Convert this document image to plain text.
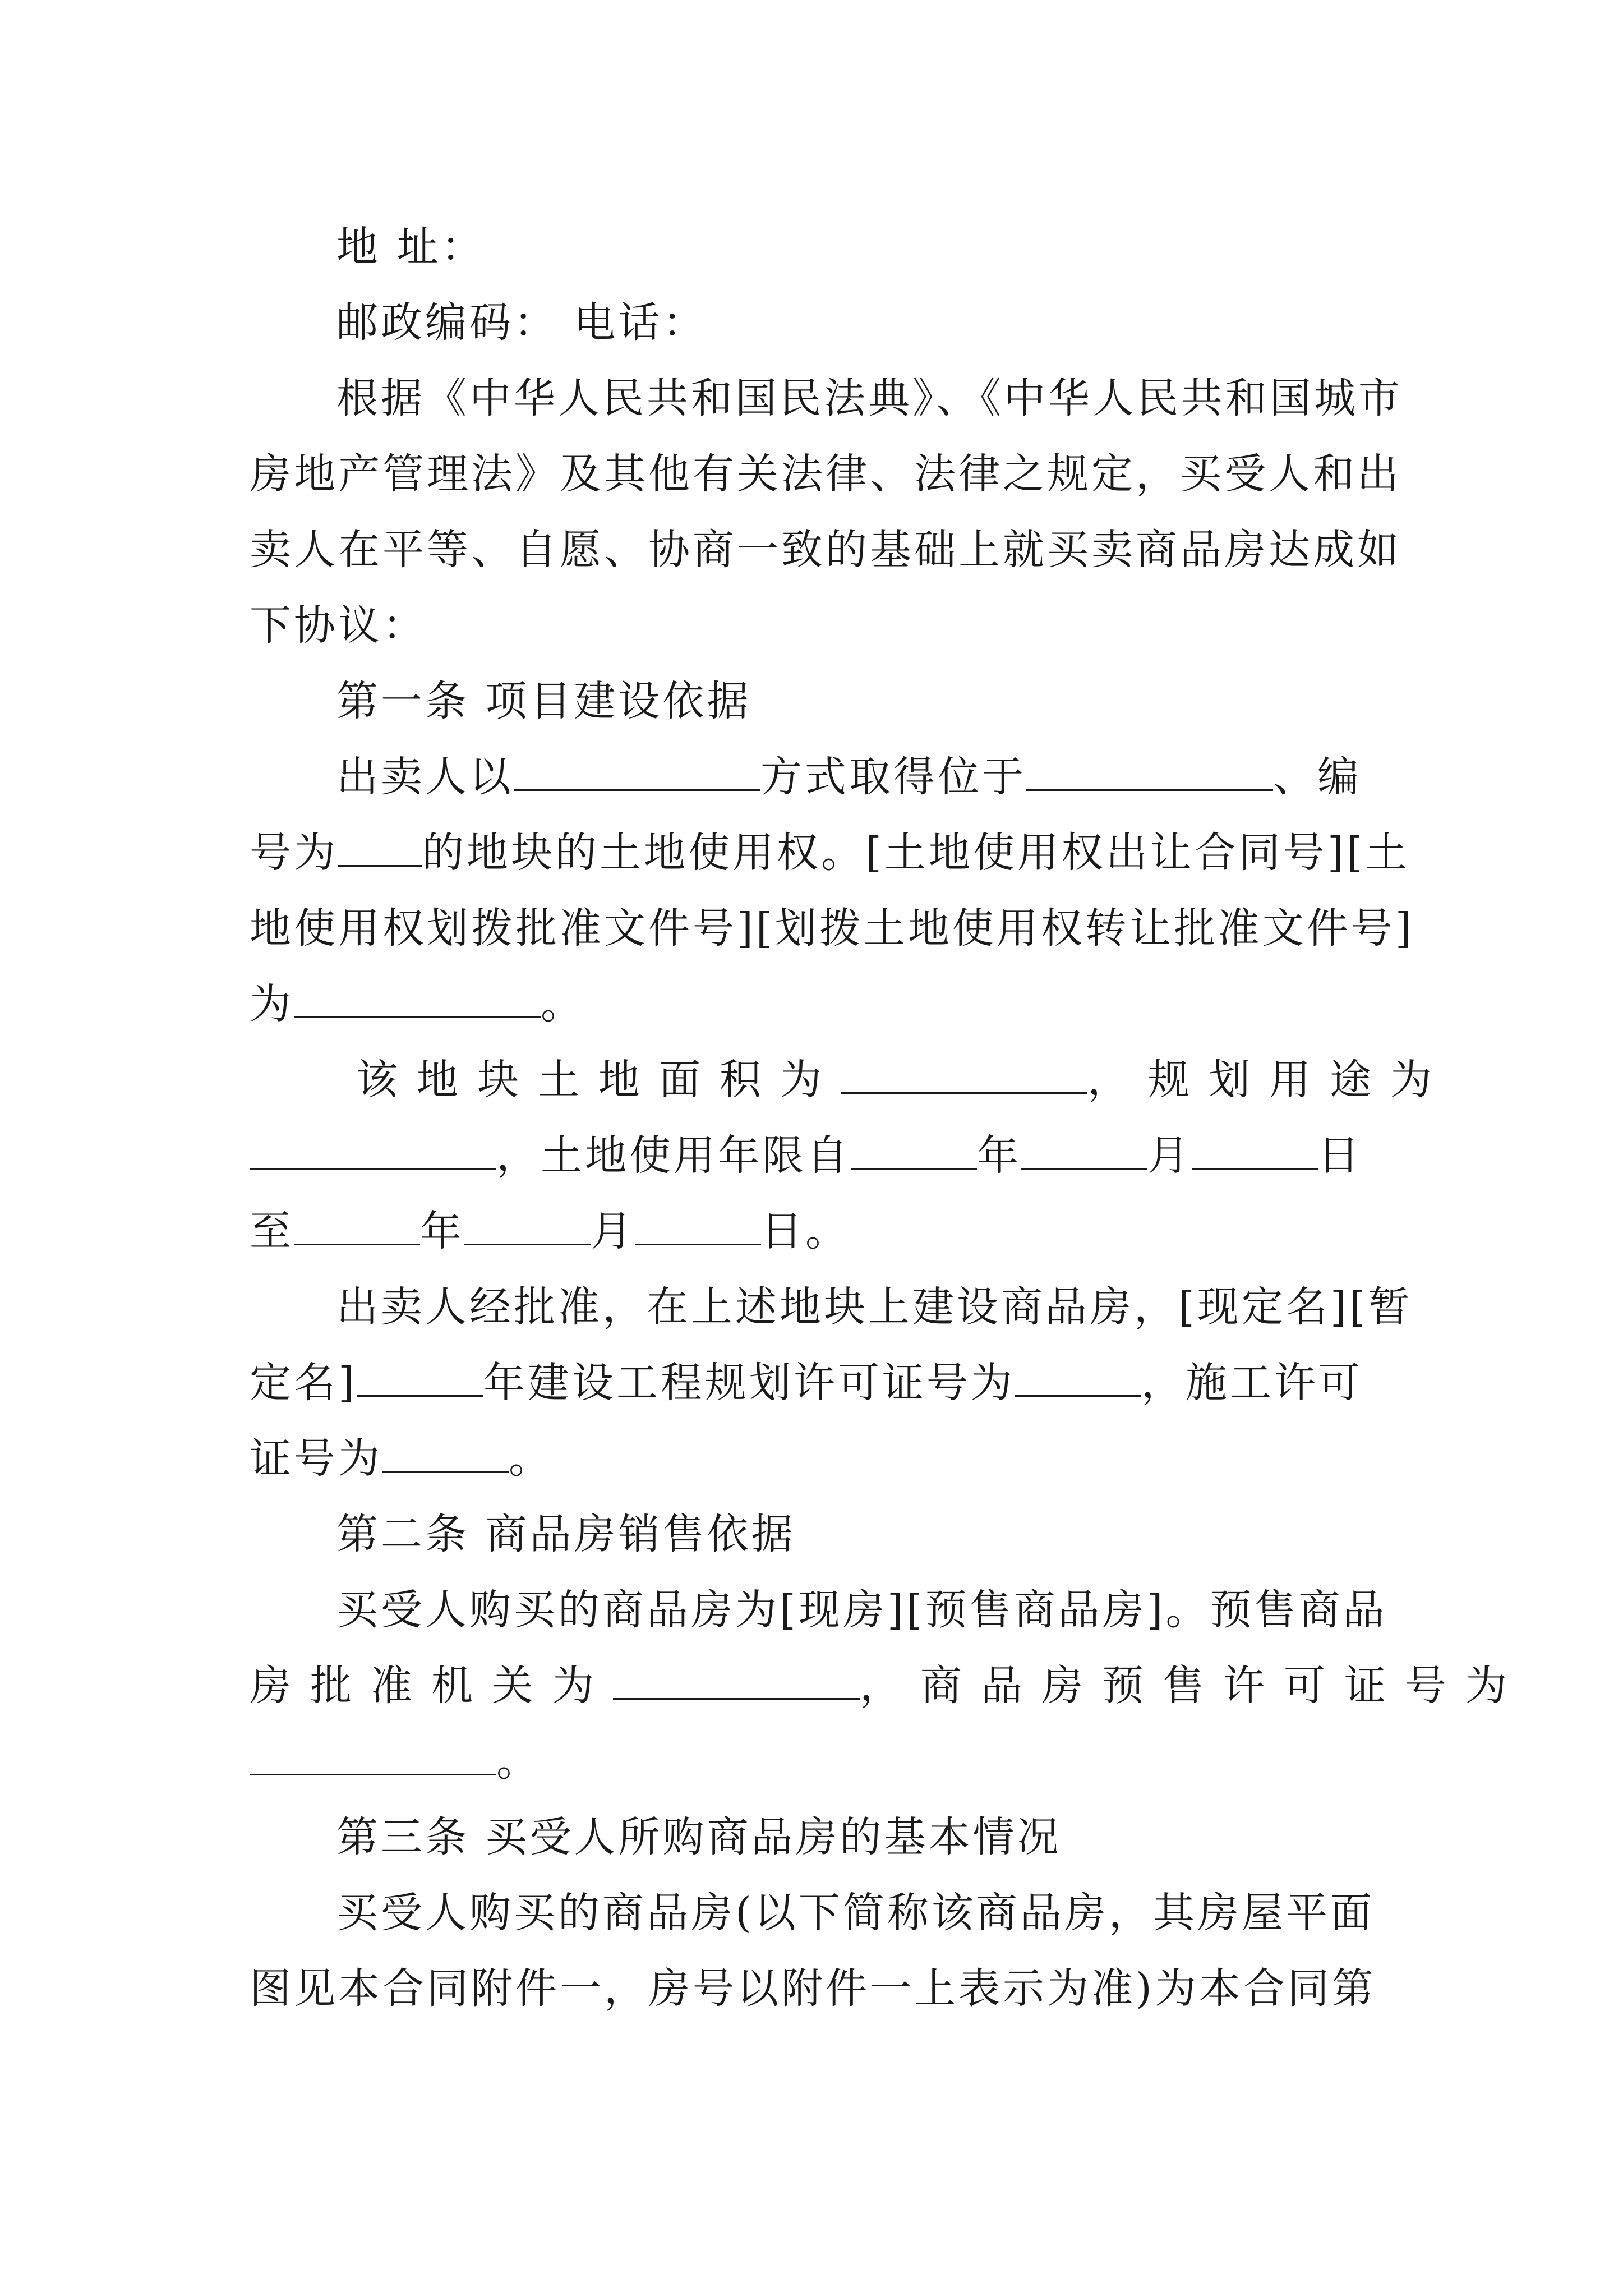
地 址：
邮政编码： 电话：
根据《中华人民共和国民法典》、《中华人民共和国城市
房地产管理法》及其他有关法律、法律之规定，买受人和出
卖人在平等、自愿、协商一致的基础上就买卖商品房达成如
下协议：
第一条 项目建设依据
出卖人以	方式取得位于	、编
号为 的地块的土地使用权。[土地使用权出让合同号][土
地使用权划拨批准文件号][划拨土地使用权转让批准文件号]
为	。
该地块土地面积为	，规划用途为
，土地使用年限自	年	月	日
至	年	月	日。
出卖人经批准，在上述地块上建设商品房，[现定名][暂
定名]	年建设工程规划许可证号为	，施工许可
证号为	。
第二条 商品房销售依据
买受人购买的商品房为[现房][预售商品房]。预售商品
房批准机关为	，商品房预售许可证号为
。
第三条 买受人所购商品房的基本情况
买受人购买的商品房(以下简称该商品房，其房屋平面
图见本合同附件一，房号以附件一上表示为准)为本合同第
